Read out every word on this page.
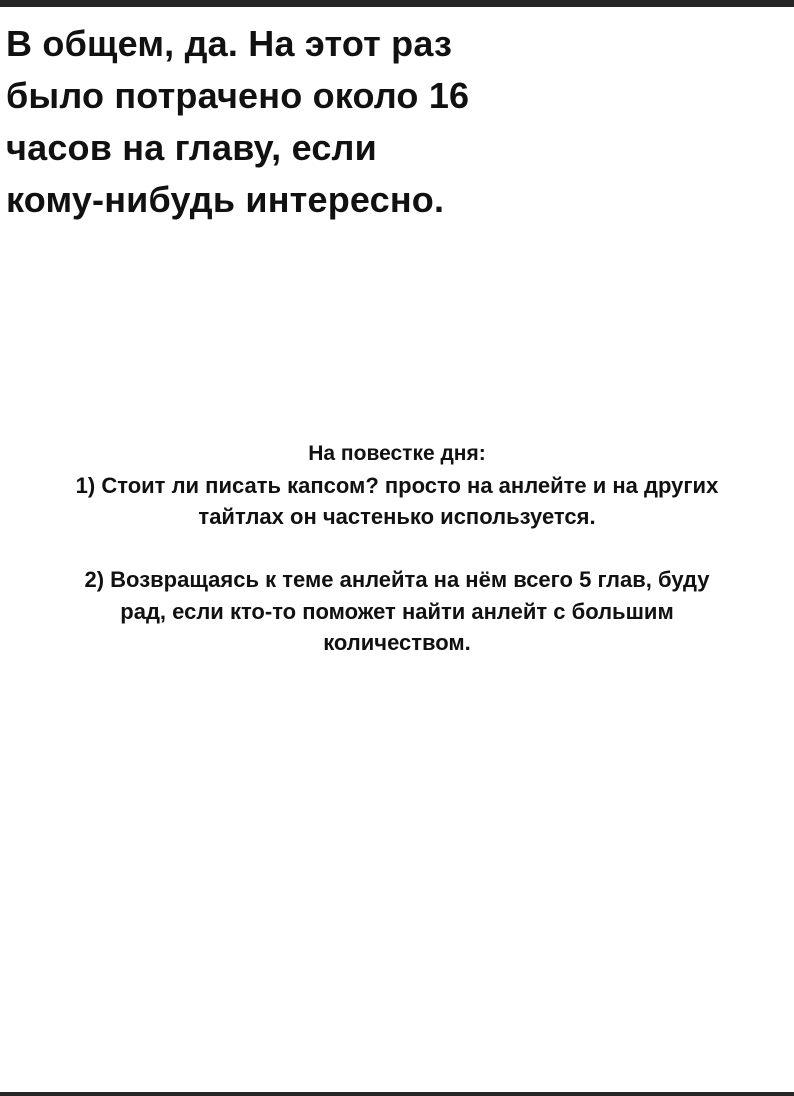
В общем, да. На этот раз
было потрачено около 16
часов на главу, если
кому-нибудь интересно.
На повестке дня:
1) Стоит ли писать капсом? просто на анлейте и на других
тайтлах он частенько используется.
2) Возвращаясь к теме анлейта на нём всего 5 глав, буду
рад, если кто-то поможет найти анлейт с большим
количеством.
